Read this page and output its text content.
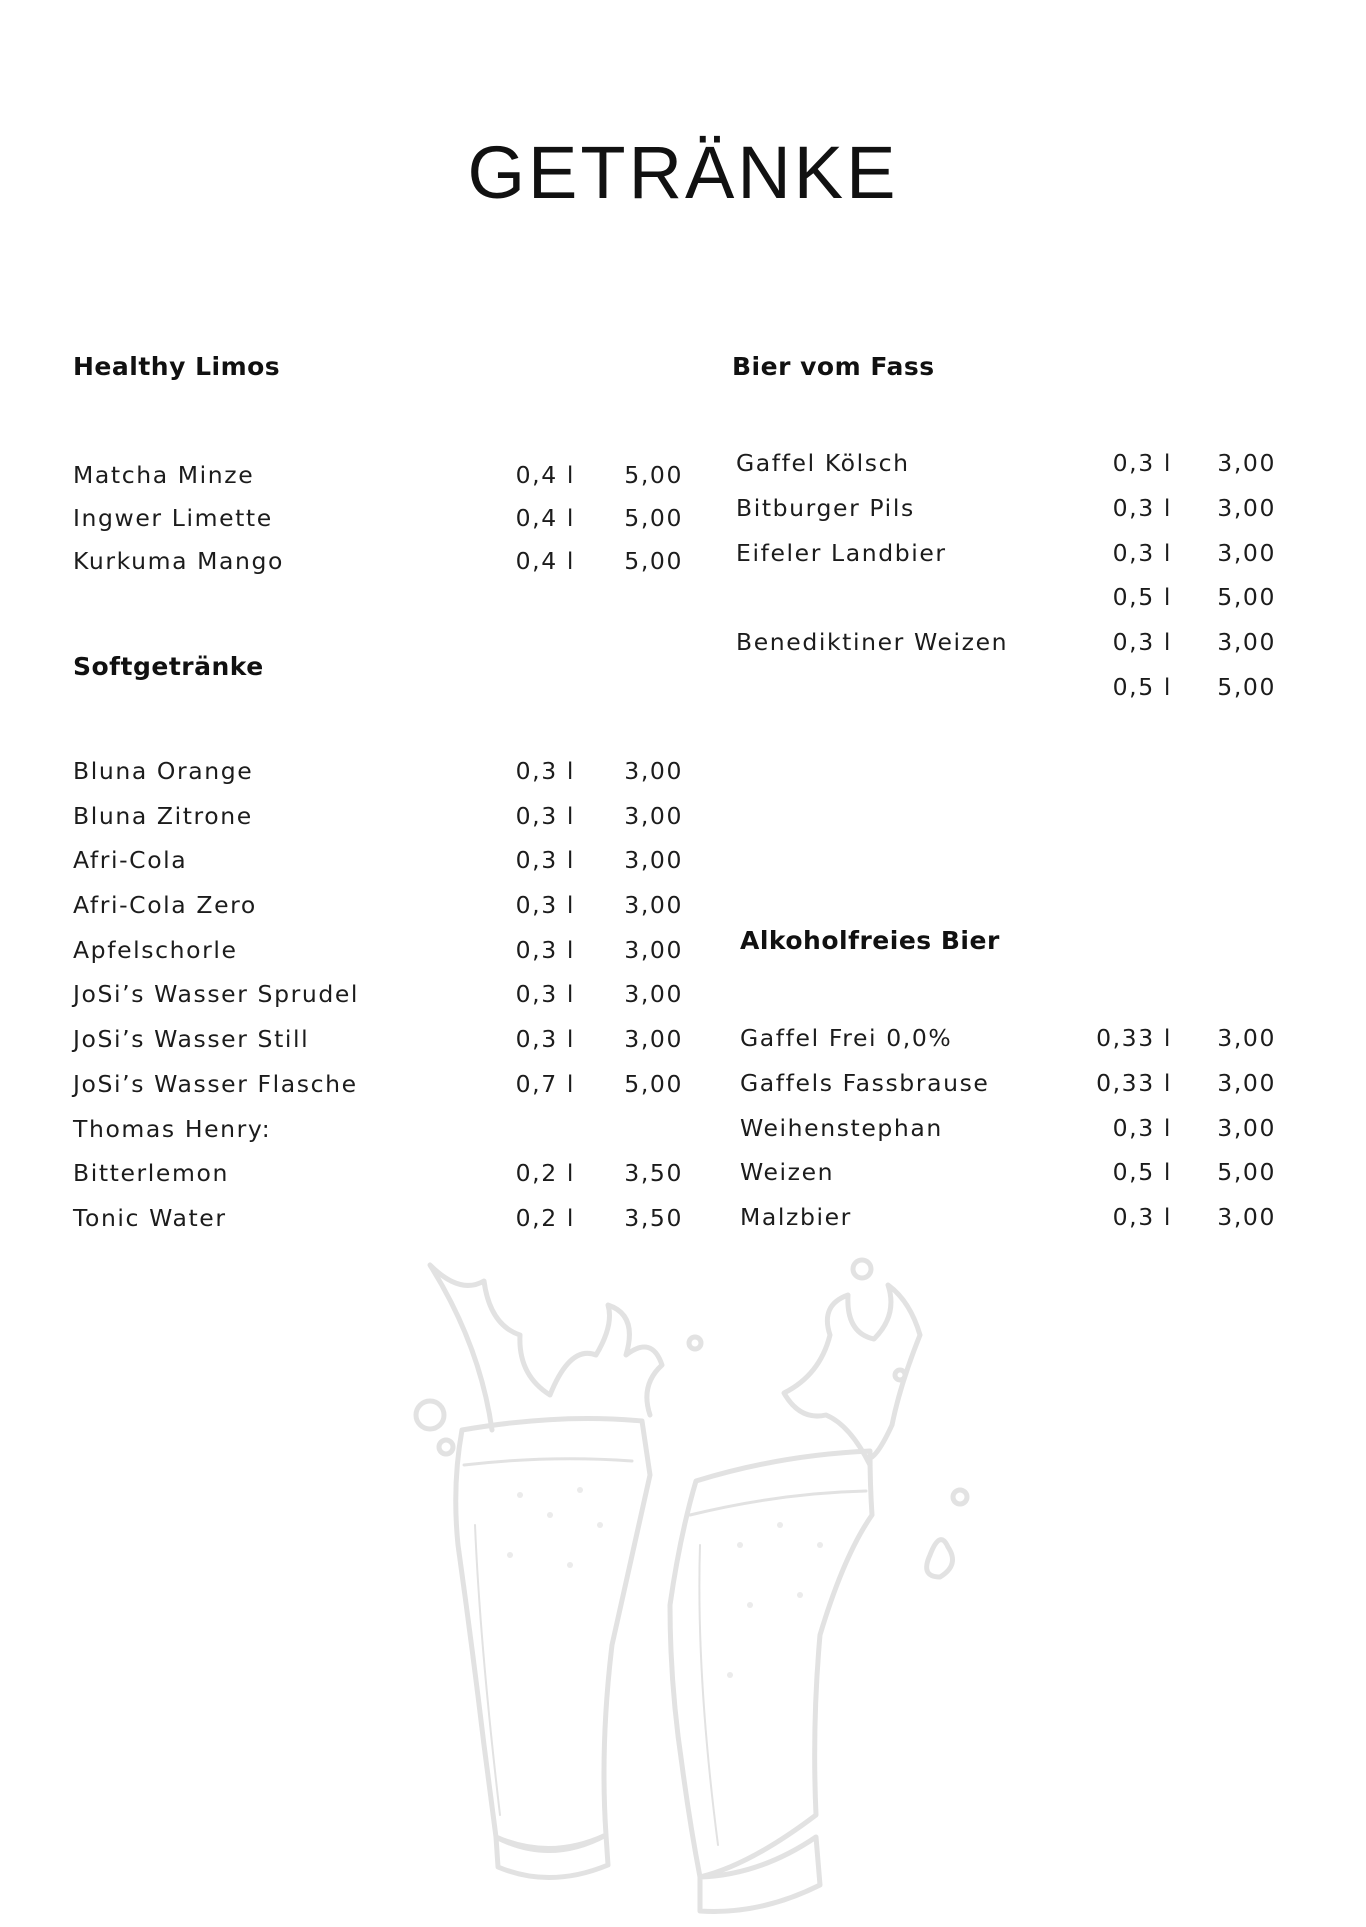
GETRÄNKE
Healthy Limos
Matcha Minze	0,4 l	5,00
Ingwer Limette	0,4 l	5,00
Kurkuma Mango	0,4 l	5,00
Softgetränke
Bluna Orange	0,3 l	3,00
Bluna Zitrone	0,3 l	3,00
Afri-Cola	0,3 l	3,00
Afri-Cola Zero	0,3 l	3,00
Apfelschorle	0,3 l	3,00
JoSi’s Wasser Sprudel	0,3 l	3,00
JoSi’s Wasser Still	0,3 l	3,00
JoSi’s Wasser Flasche	0,7 l	5,00
Thomas Henry:
Bitterlemon	0,2 l	3,50
Tonic Water	0,2 l	3,50
Bier vom Fass
Gaffel Kölsch	0,3 l	3,00
Bitburger Pils	0,3 l	3,00
Eifeler Landbier	0,3 l	3,00
0,5 l	5,00
Benediktiner Weizen	0,3 l	3,00
0,5 l	5,00
Alkoholfreies Bier
Gaffel Frei 0,0%	0,33 l	3,00
Gaffels Fassbrause	0,33 l	3,00
Weihenstephan	0,3 l	3,00
Weizen	0,5 l	5,00
Malzbier	0,3 l	3,00
